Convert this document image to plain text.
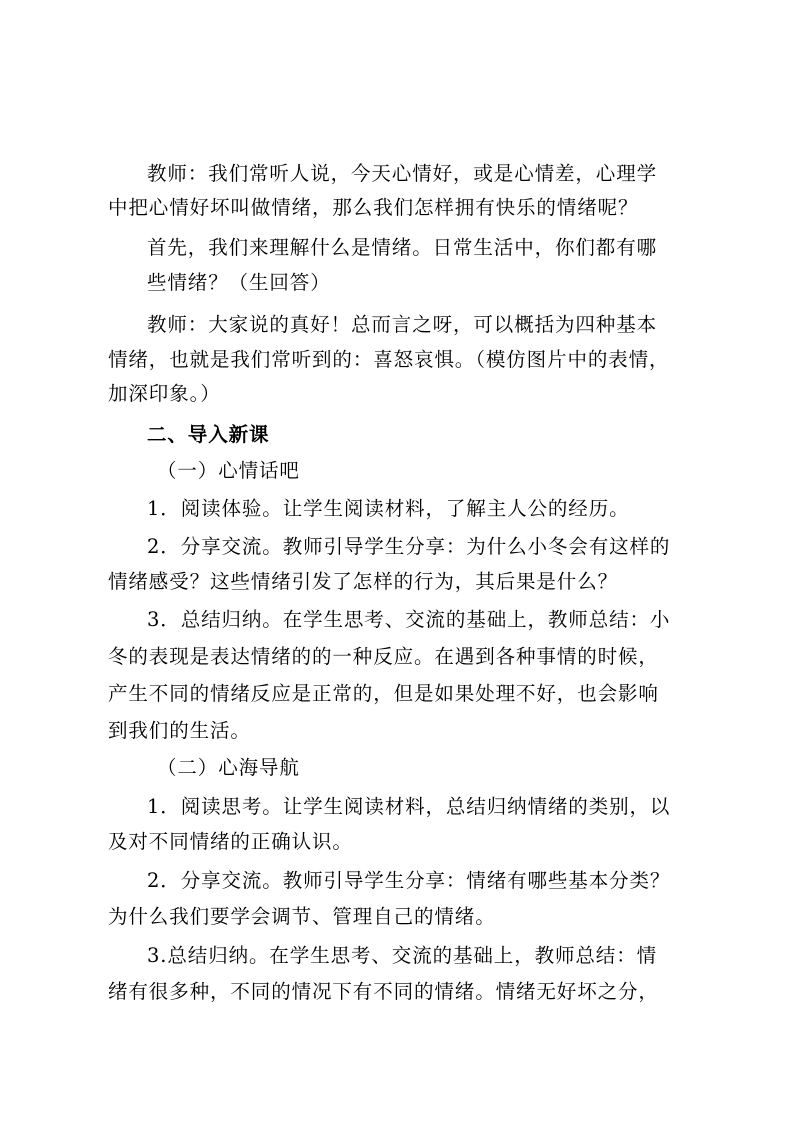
教师：我们常听人说，今天心情好，或是心情差，心理学
中把心情好坏叫做情绪，那么我们怎样拥有快乐的情绪呢？
首先，我们来理解什么是情绪。日常生活中，你们都有哪
些情绪？（生回答）
教师：大家说的真好！总而言之呀，可以概括为四种基本
情绪，也就是我们常听到的：喜怒哀惧。（模仿图片中的表情，
加深印象。）
二、导入新课
（一）心情话吧
1．阅读体验。让学生阅读材料，了解主人公的经历。
2．分享交流。教师引导学生分享：为什么小冬会有这样的
情绪感受？这些情绪引发了怎样的行为，其后果是什么？
3．总结归纳。在学生思考、交流的基础上，教师总结：小
冬的表现是表达情绪的的一种反应。在遇到各种事情的时候，
产生不同的情绪反应是正常的，但是如果处理不好，也会影响
到我们的生活。
（二）心海导航
1．阅读思考。让学生阅读材料，总结归纳情绪的类别，以
及对不同情绪的正确认识。
2．分享交流。教师引导学生分享：情绪有哪些基本分类？
为什么我们要学会调节、管理自己的情绪。
3.总结归纳。在学生思考、交流的基础上，教师总结：情
绪有很多种，不同的情况下有不同的情绪。情绪无好坏之分，
